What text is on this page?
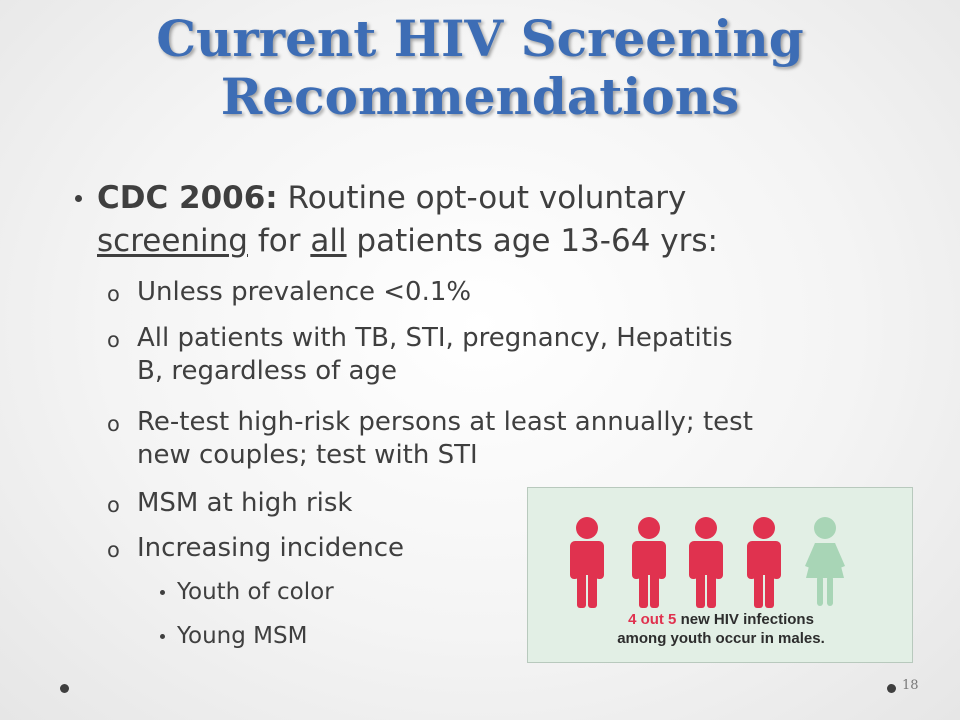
Current HIV Screening
Recommendations
CDC 2006: Routine opt-out voluntary
screening for all patients age 13-64 yrs:
o Unless prevalence <0.1%
o All patients with TB, STI, pregnancy, Hepatitis
B, regardless of age
o Re-test high-risk persons at least annually; test
new couples; test with STI
o MSM at high risk
o Increasing incidence
Youth of color
Young MSM
4 out 5 new HIV infections
among youth occur in males.
18
